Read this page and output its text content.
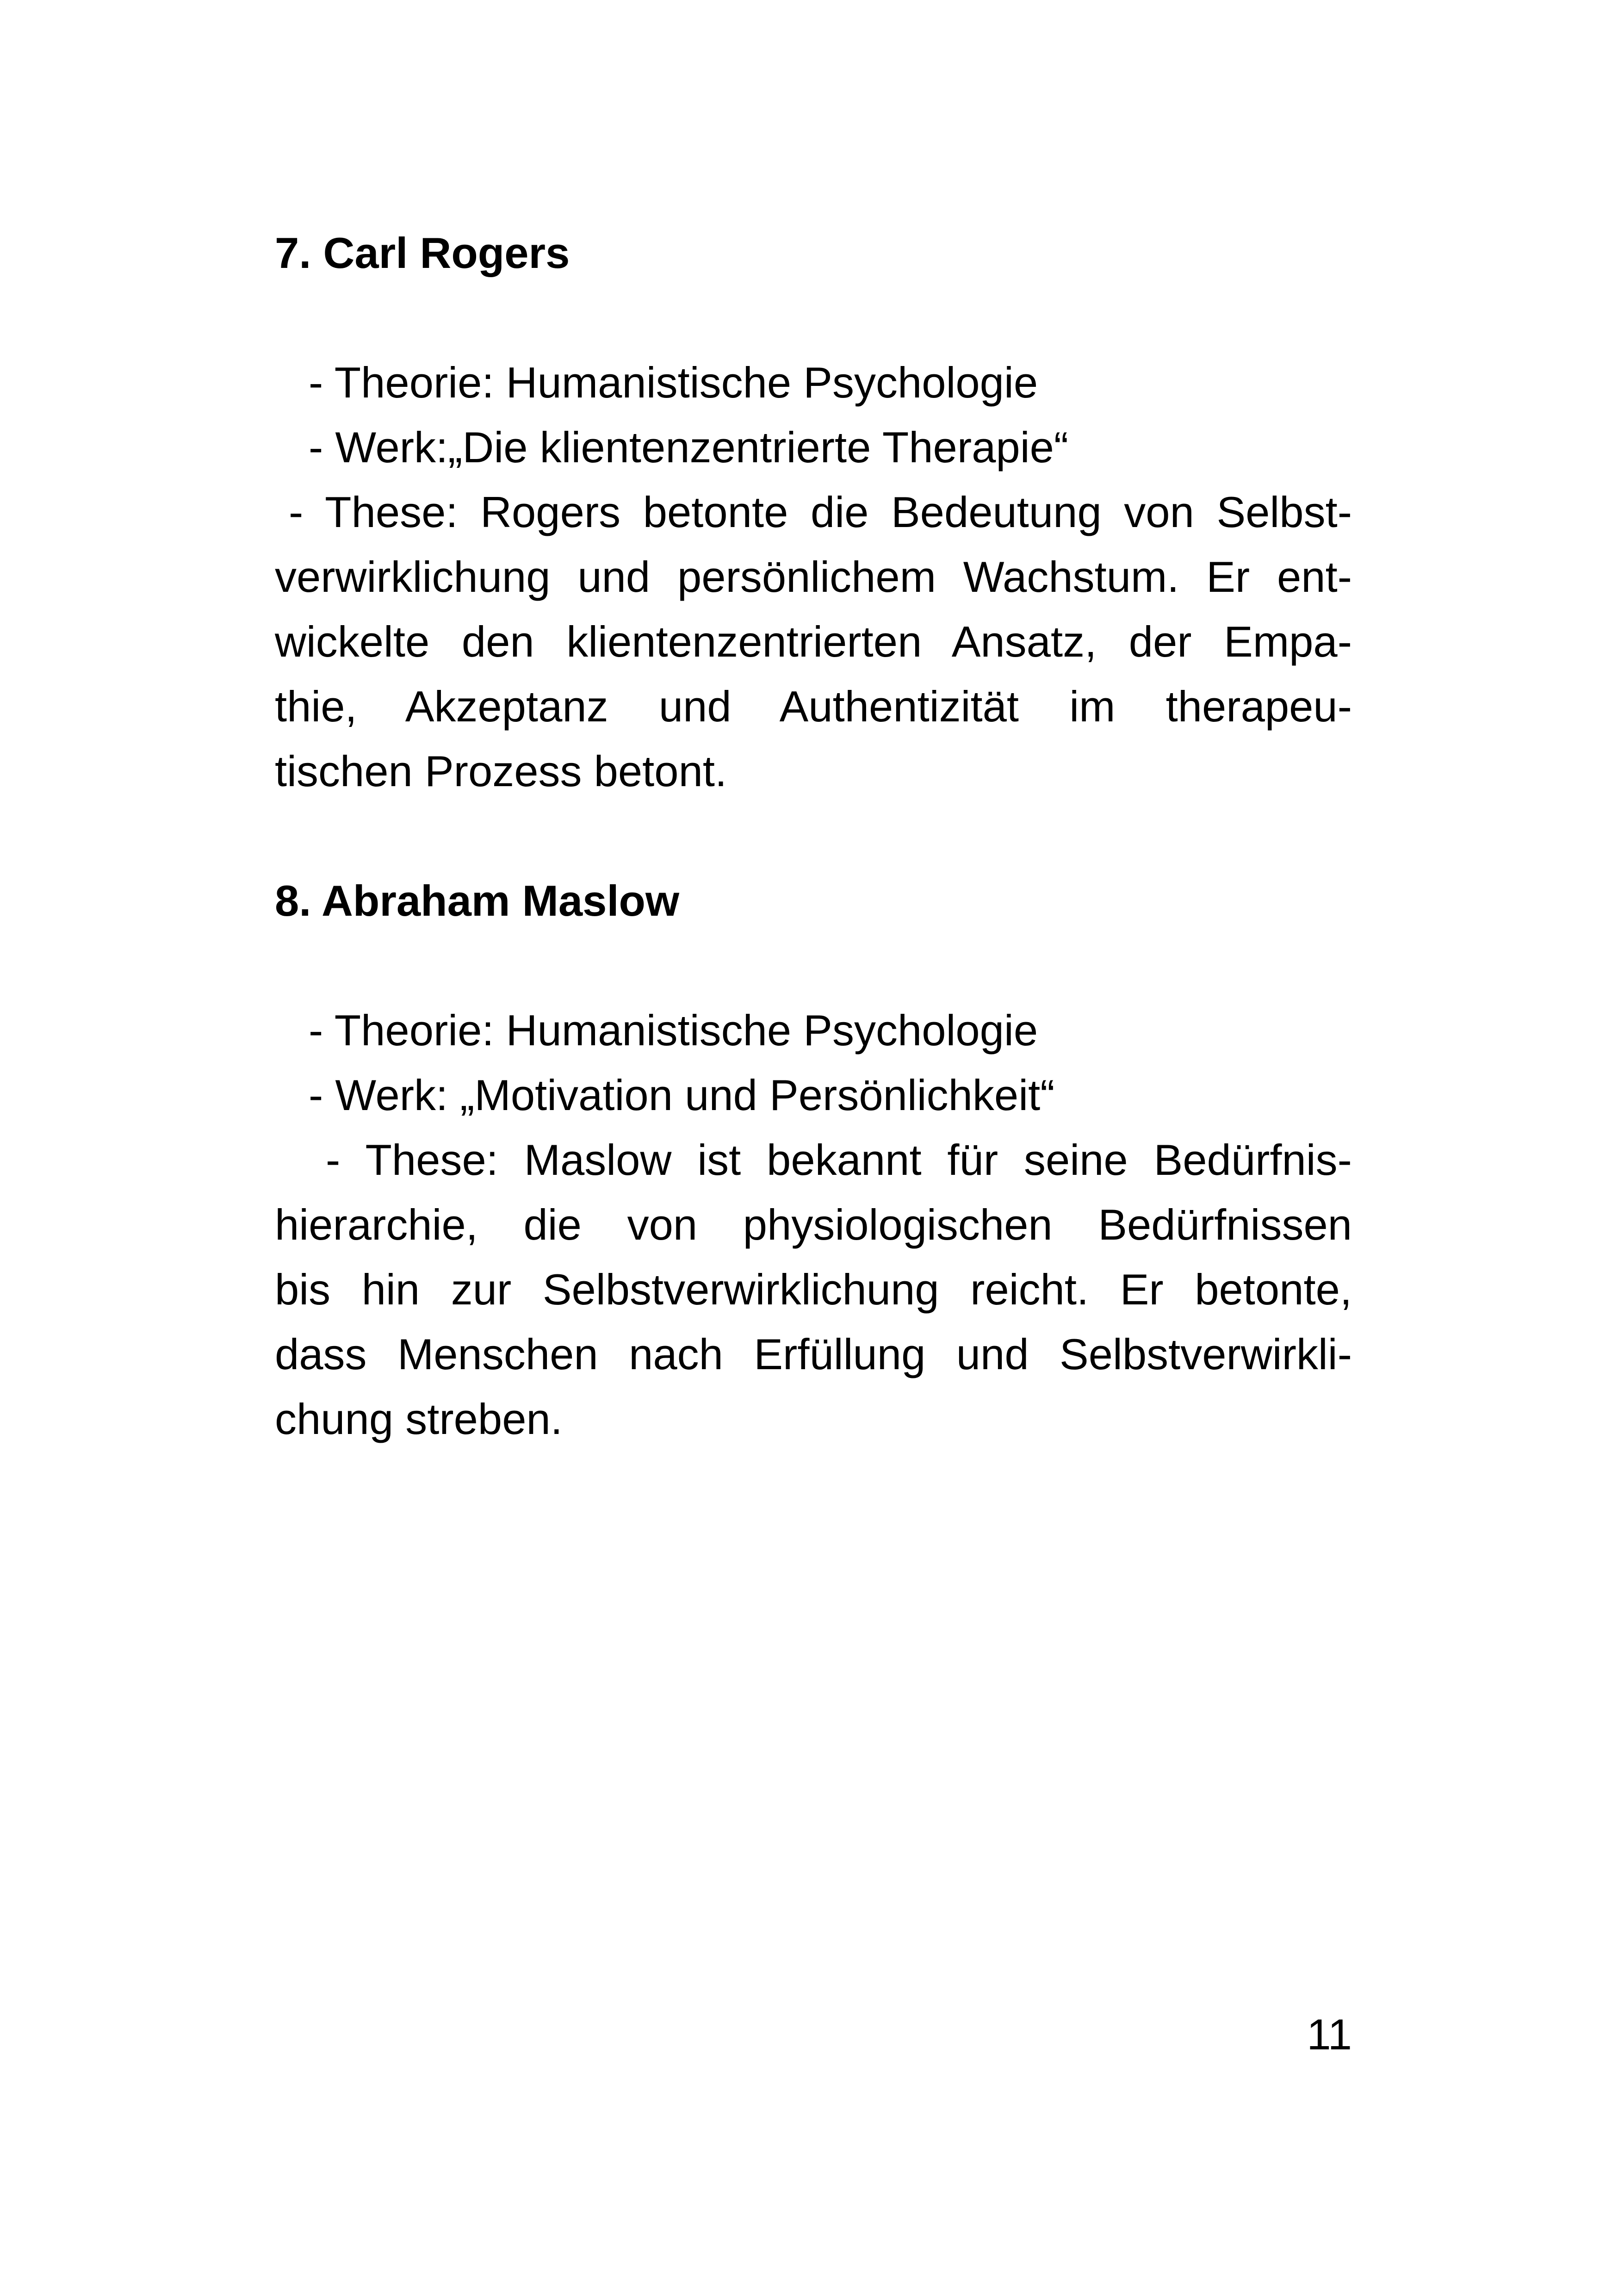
7. Carl Rogers
- Theorie: Humanistische Psychologie
- Werk:„Die klientenzentrierte Therapie“
- These: Rogers betonte die Bedeutung von Selbst-
verwirklichung und persönlichem Wachstum. Er ent-
wickelte den klientenzentrierten Ansatz, der Empa-
thie, Akzeptanz und Authentizität im therapeu-
tischen Prozess betont.
8. Abraham Maslow
- Theorie: Humanistische Psychologie
- Werk: „Motivation und Persönlichkeit“
- These: Maslow ist bekannt für seine Bedürfnis-
hierarchie, die von physiologischen Bedürfnissen
bis hin zur Selbstverwirklichung reicht. Er betonte,
dass Menschen nach Erfüllung und Selbstverwirkli-
chung streben.
11
